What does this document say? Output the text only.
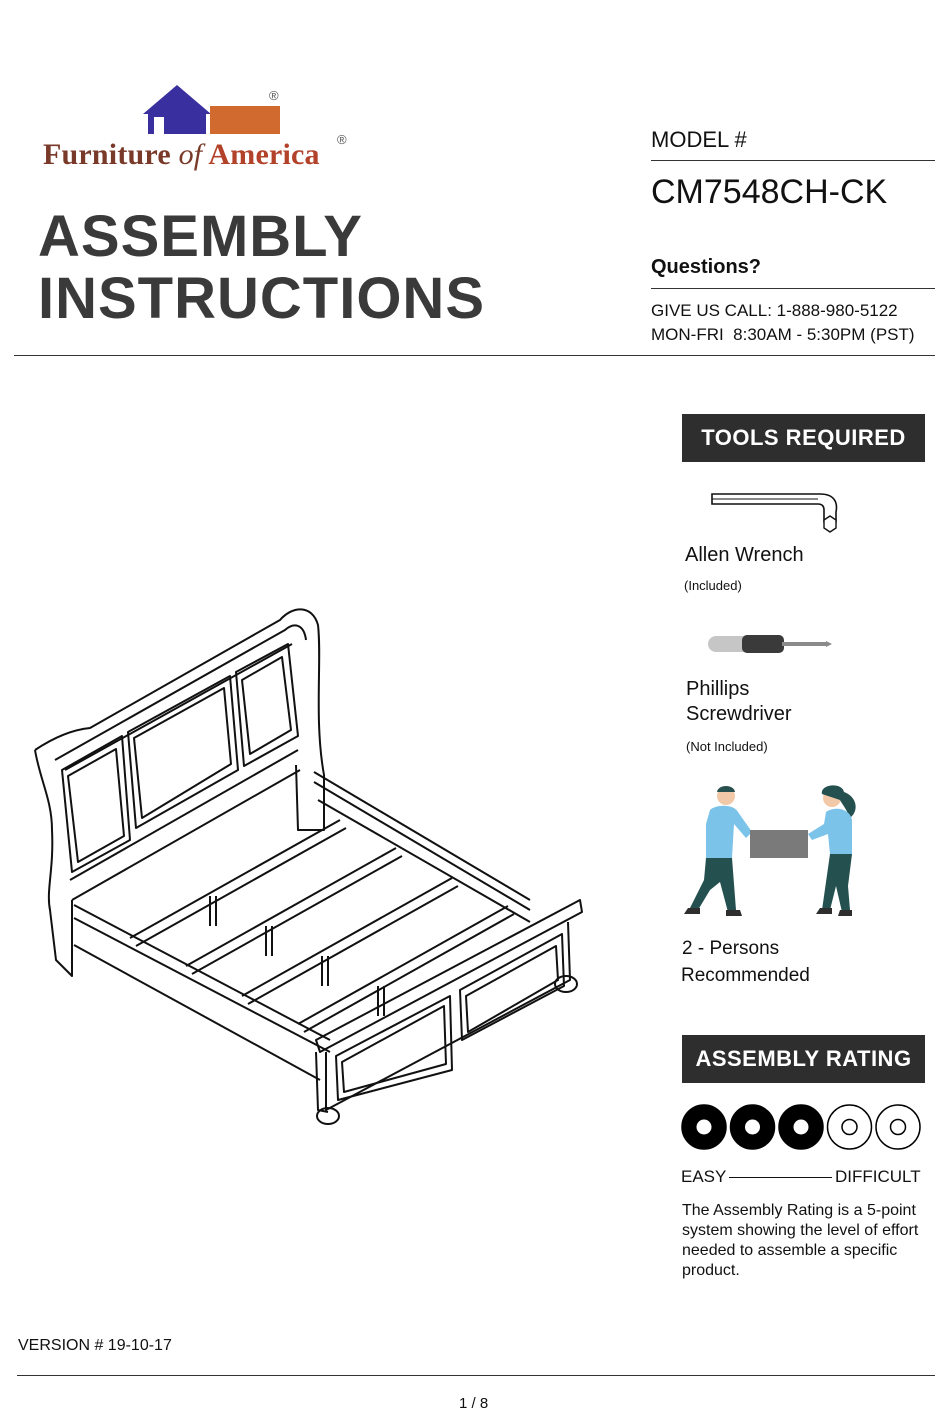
®
Furniture of America ®
ASSEMBLY
INSTRUCTIONS
MODEL #
CM7548CH-CK
Questions?
GIVE US CALL: 1-888-980-5122
MON-FRI  8:30AM - 5:30PM (PST)
TOOLS REQUIRED
Allen Wrench
(Included)
Phillips
Screwdriver
(Not Included)
2 - Persons
Recommended
ASSEMBLY RATING
EASY	DIFFICULT
The Assembly Rating is a 5-point system showing the level of effort needed to assemble a specific product.
VERSION # 19-10-17
1 / 8
